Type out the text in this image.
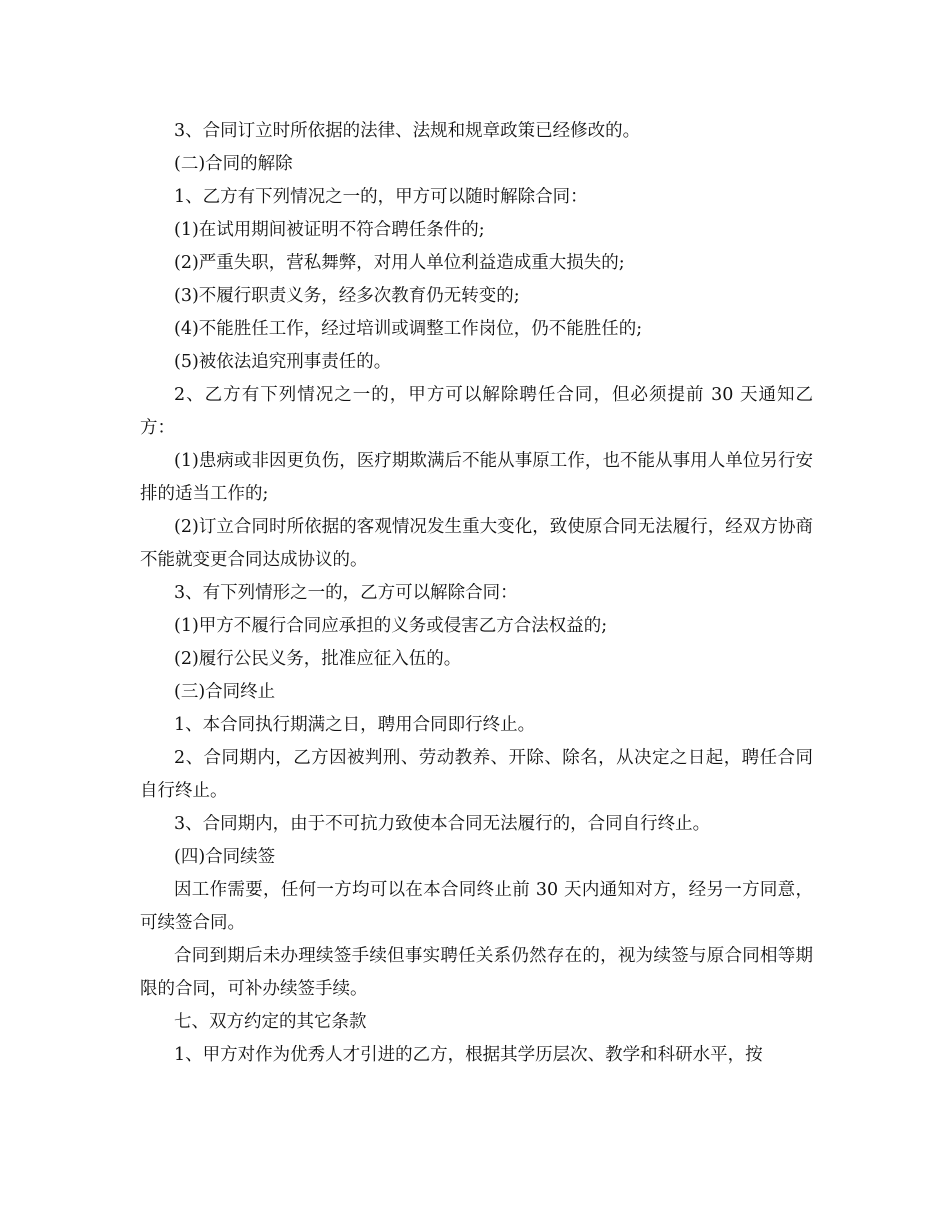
3、合同订立时所依据的法律、法规和规章政策已经修改的。

(二)合同的解除

1、乙方有下列情况之一的，甲方可以随时解除合同：

(1)在试用期间被证明不符合聘任条件的;

(2)严重失职，营私舞弊，对用人单位利益造成重大损失的;

(3)不履行职责义务，经多次教育仍无转变的;

(4)不能胜任工作，经过培训或调整工作岗位，仍不能胜任的;

(5)被依法追究刑事责任的。

2、乙方有下列情况之一的，甲方可以解除聘任合同，但必须提前 30 天通知乙方：

(1)患病或非因更负伤，医疗期欺满后不能从事原工作，也不能从事用人单位另行安排的适当工作的;

(2)订立合同时所依据的客观情况发生重大变化，致使原合同无法履行，经双方协商不能就变更合同达成协议的。

3、有下列情形之一的，乙方可以解除合同：

(1)甲方不履行合同应承担的义务或侵害乙方合法权益的;

(2)履行公民义务，批准应征入伍的。

(三)合同终止

1、本合同执行期满之日，聘用合同即行终止。

2、合同期内，乙方因被判刑、劳动教养、开除、除名，从决定之日起，聘任合同自行终止。

3、合同期内，由于不可抗力致使本合同无法履行的，合同自行终止。

(四)合同续签

因工作需要，任何一方均可以在本合同终止前 30 天内通知对方，经另一方同意，可续签合同。

合同到期后未办理续签手续但事实聘任关系仍然存在的，视为续签与原合同相等期限的合同，可补办续签手续。

七、双方约定的其它条款

1、甲方对作为优秀人才引进的乙方，根据其学历层次、教学和科研水平，按
